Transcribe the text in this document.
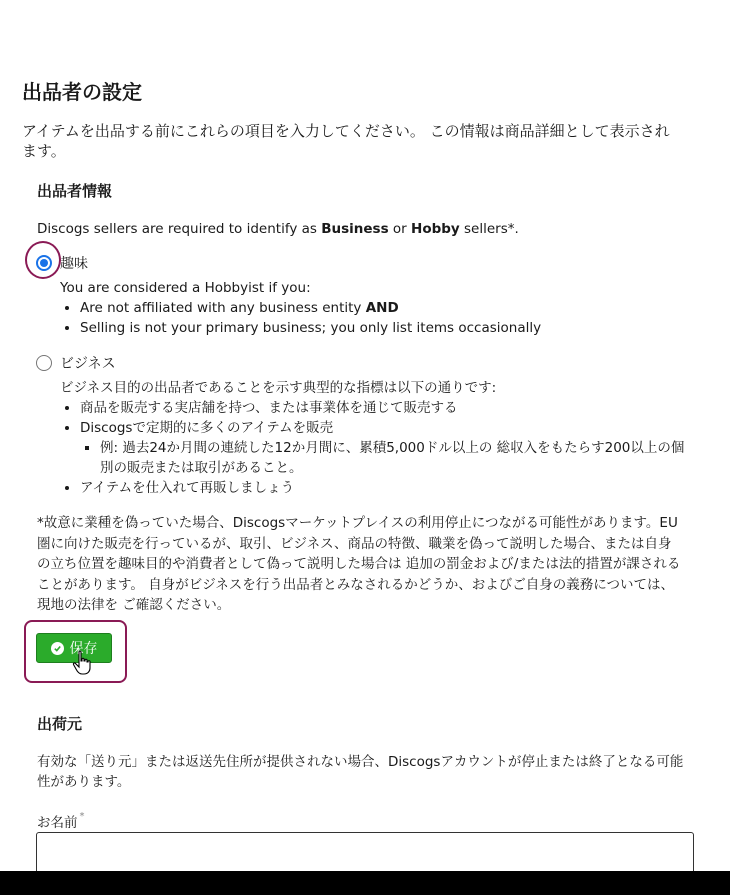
出品者の設定

アイテムを出品する前にこれらの項目を入力してください。 この情報は商品詳細として表示されます。

出品者情報

Discogs sellers are required to identify as Business or Hobby sellers*.

趣味
You are considered a Hobbyist if you:
• Are not affiliated with any business entity AND
• Selling is not your primary business; you only list items occasionally
ビジネス
ビジネス目的の出品者であることを示す典型的な指標は以下の通りです:
• 商品を販売する実店舗を持つ、または事業体を通じて販売する
• Discogsで定期的に多くのアイテムを販売
▪ 例: 過去24か月間の連続した12か月間に、累積5,000ドル以上の 総収入をもたらす200以上の個別の販売または取引があること。
• アイテムを仕入れて再販しましょう

*故意に業種を偽っていた場合、Discogsマーケットプレイスの利用停止につながる可能性があります。EU圏に向けた販売を行っているが、取引、ビジネス、商品の特徴、職業を偽って説明した場合、または自身の立ち位置を趣味目的や消費者として偽って説明した場合は 追加の罰金および/または法的措置が課されることがあります。 自身がビジネスを行う出品者とみなされるかどうか、およびご自身の義務については、現地の法律を ご確認ください。

保存
出荷元

有効な「送り元」または返送先住所が提供されない場合、Discogsアカウントが停止または終了となる可能性があります。

お名前 *
